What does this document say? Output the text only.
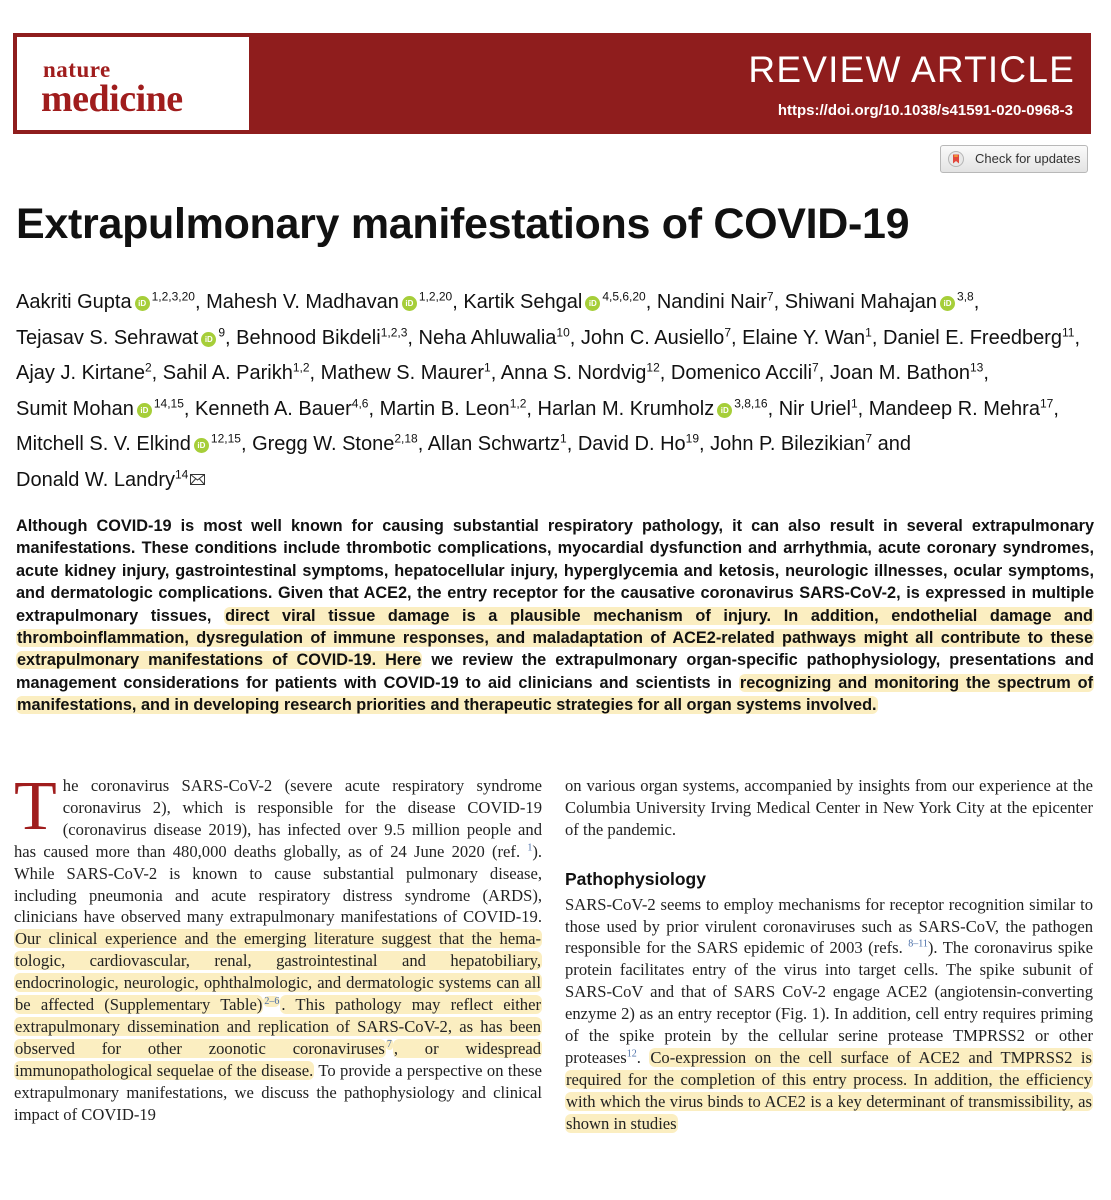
nature
medicine
REVIEW ARTICLE
https://doi.org/10.1038/s41591-020-0968-3
Check for updates
Extrapulmonary manifestations of COVID-19
Aakriti Gupta iD$^{1,2,3,20}$, Mahesh V. Madhavan iD$^{1,2,20}$, Kartik Sehgal iD$^{4,5,6,20}$, Nandini Nair$^7$, Shiwani Mahajan iD$^{3,8}$, Tejasav S. Sehrawat $iD^9$, Behnood Bikdeli$^{1,2,3}$, Neha Ahluwalia$^{10}$, John C. Ausiello$^7$, Elaine Y. Wan$^1$, Daniel E. Freedberg$^{11}$, Ajay J. Kirtane$^2$, Sahil A. Parikh$^{1,2}$, Mathew S. Maurer$^1$, Anna S. Nordvig$^{12}$, Domenico Accili$^7$, Joan M. Bathon$^{13}$, Sumit Mohan iD$^{14,15}$, Kenneth A. Bauer$^{4,6}$, Martin B. Leon$^{1,2}$, Harlan M. Krumholz iD$^{3,8,16}$, Nir Uriel$^1$, Mandeep R. Mehra$^{17}$, Mitchell S. V. Elkind iD$^{12,15}$, Gregg W. Stone$^{2,18}$, Allan Schwartz$^1$, David D. Ho$^{19}$, John P. Bilezikian$^7$ and Donald W. Landry$^{14}$
Although COVID-19 is most well known for causing substantial respiratory pathology, it can also result in several extrapulmonary manifestations. These conditions include thrombotic complications, myocardial dysfunction and arrhythmia, acute coronary syndromes, acute kidney injury, gastrointestinal symptoms, hepatocellular injury, hyperglycemia and ketosis, neurologic illnesses, ocular symptoms, and dermatologic complications. Given that ACE2, the entry receptor for the causative coronavirus SARS-CoV-2, is expressed in multiple extrapulmonary tissues, direct viral tissue damage is a plausible mechanism of injury. In addition, endothelial damage and thromboinflammation, dysregulation of immune responses, and maladaptation of ACE2-related pathways might all contribute to these extrapulmonary manifestations of COVID-19. Here we review the extrapulmonary organ-specific pathophysiology, presentations and management considerations for patients with COVID-19 to aid clinicians and scientists in recognizing and monitoring the spectrum of manifestations, and in developing research priorities and therapeutic strategies for all organ systems involved.
T he coronavirus SARS-CoV-2 (severe acute respiratory syndrome coronavirus 2), which is responsible for the disease COVID-19 (coronavirus disease 2019), has infected over 9.5 million people and has caused more than 480,000 deaths globally, as of 24 June 2020 (ref. $^1$). While SARS-CoV-2 is known to cause substantial pulmonary disease, including pneumonia and acute respiratory distress syndrome (ARDS), clinicians have observed many extrapulmonary manifestations of COVID-19. Our clinical experience and the emerging literature suggest that the hematologic, cardiovascular, renal, gastrointestinal and hepatobiliary, endocrinologic, neurologic, ophthalmologic, and dermatologic systems can all be affected (Supplementary Table) $^{2-6}$ . This pathology may reflect either extrapulmonary dissemination and replication of SARS-CoV-2, as has been observed for other zoonotic coronaviruses $^7$ , or widespread immunopathological sequelae of the disease. To provide a perspective on these extrapulmonary manifestations, we discuss the pathophysiology and clinical impact of COVID-19

on various organ systems, accompanied by insights from our experience at the Columbia University Irving Medical Center in New York City at the epicenter of the pandemic.

Pathophysiology

SARS-CoV-2 seems to employ mechanisms for receptor recognition similar to those used by prior virulent coronaviruses such as SARS-CoV, the pathogen responsible for the SARS epidemic of 2003 (refs. $^{8-11}$). The coronavirus spike protein facilitates entry of the virus into target cells. The spike subunit of SARS-CoV and that of SARS CoV-2 engage ACE2 (angiotensin-converting enzyme 2) as an entry receptor (Fig. 1). In addition, cell entry requires priming of the spike protein by the cellular serine protease TMPRSS2 or other proteases$^{12}$. Co-expression on the cell surface of ACE2 and TMPRSS2 is required for the completion of this entry process. In addition, the efficiency with which the virus binds to ACE2 is a key determinant of transmissibility, as shown in studies
